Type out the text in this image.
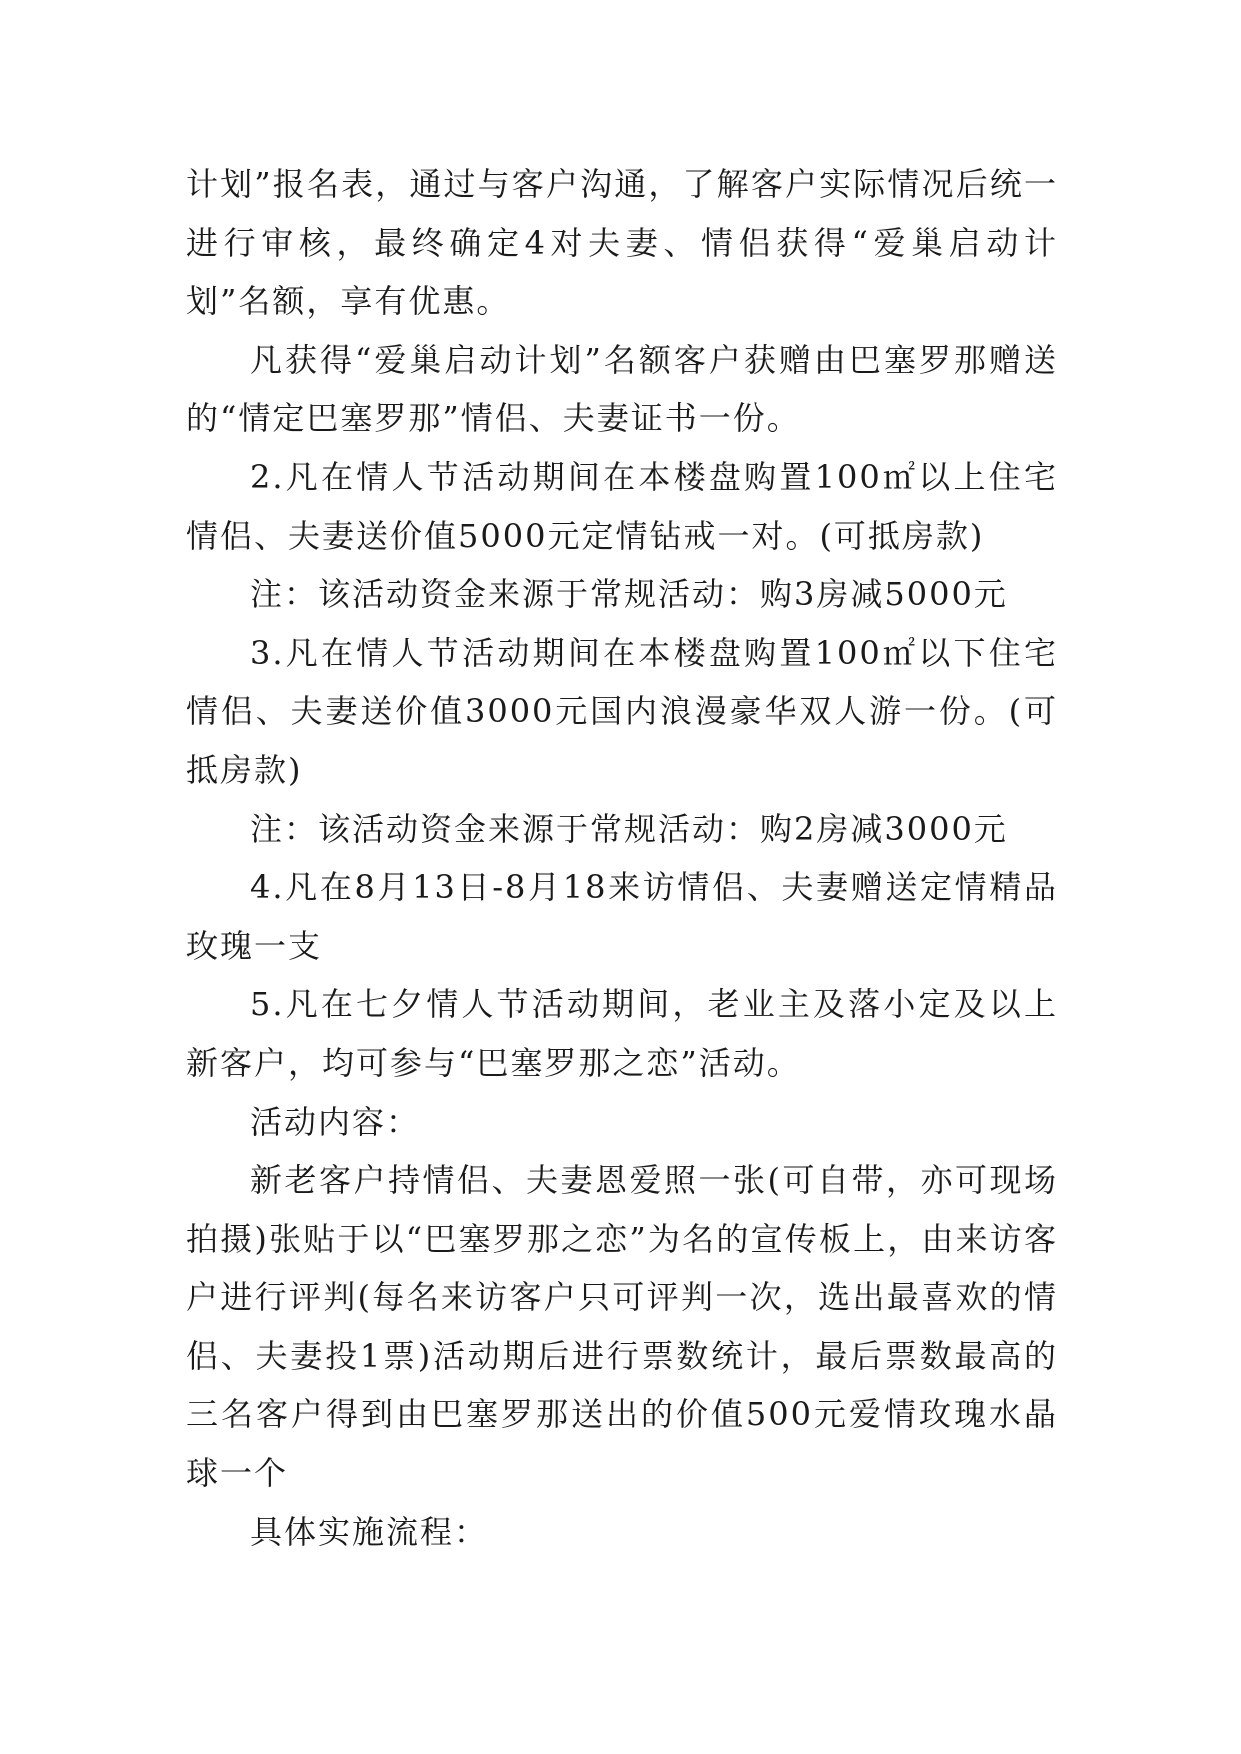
计划”报名表，通过与客户沟通，了解客户实际情况后统一进行审核，最终确定4对夫妻、情侣获得“爱巢启动计划”名额，享有优惠。

凡获得“爱巢启动计划”名额客户获赠由巴塞罗那赠送的“情定巴塞罗那”情侣、夫妻证书一份。

2.凡在情人节活动期间在本楼盘购置100㎡以上住宅情侣、夫妻送价值5000元定情钻戒一对。(可抵房款)

注：该活动资金来源于常规活动：购3房减5000元

3.凡在情人节活动期间在本楼盘购置100㎡以下住宅情侣、夫妻送价值3000元国内浪漫豪华双人游一份。(可抵房款)

注：该活动资金来源于常规活动：购2房减3000元

4.凡在8月13日-8月18来访情侣、夫妻赠送定情精品玫瑰一支

5.凡在七夕情人节活动期间，老业主及落小定及以上新客户，均可参与“巴塞罗那之恋”活动。

活动内容：

新老客户持情侣、夫妻恩爱照一张(可自带，亦可现场拍摄)张贴于以“巴塞罗那之恋”为名的宣传板上，由来访客户进行评判(每名来访客户只可评判一次，选出最喜欢的情侣、夫妻投1票)活动期后进行票数统计，最后票数最高的三名客户得到由巴塞罗那送出的价值500元爱情玫瑰水晶球一个

具体实施流程：
